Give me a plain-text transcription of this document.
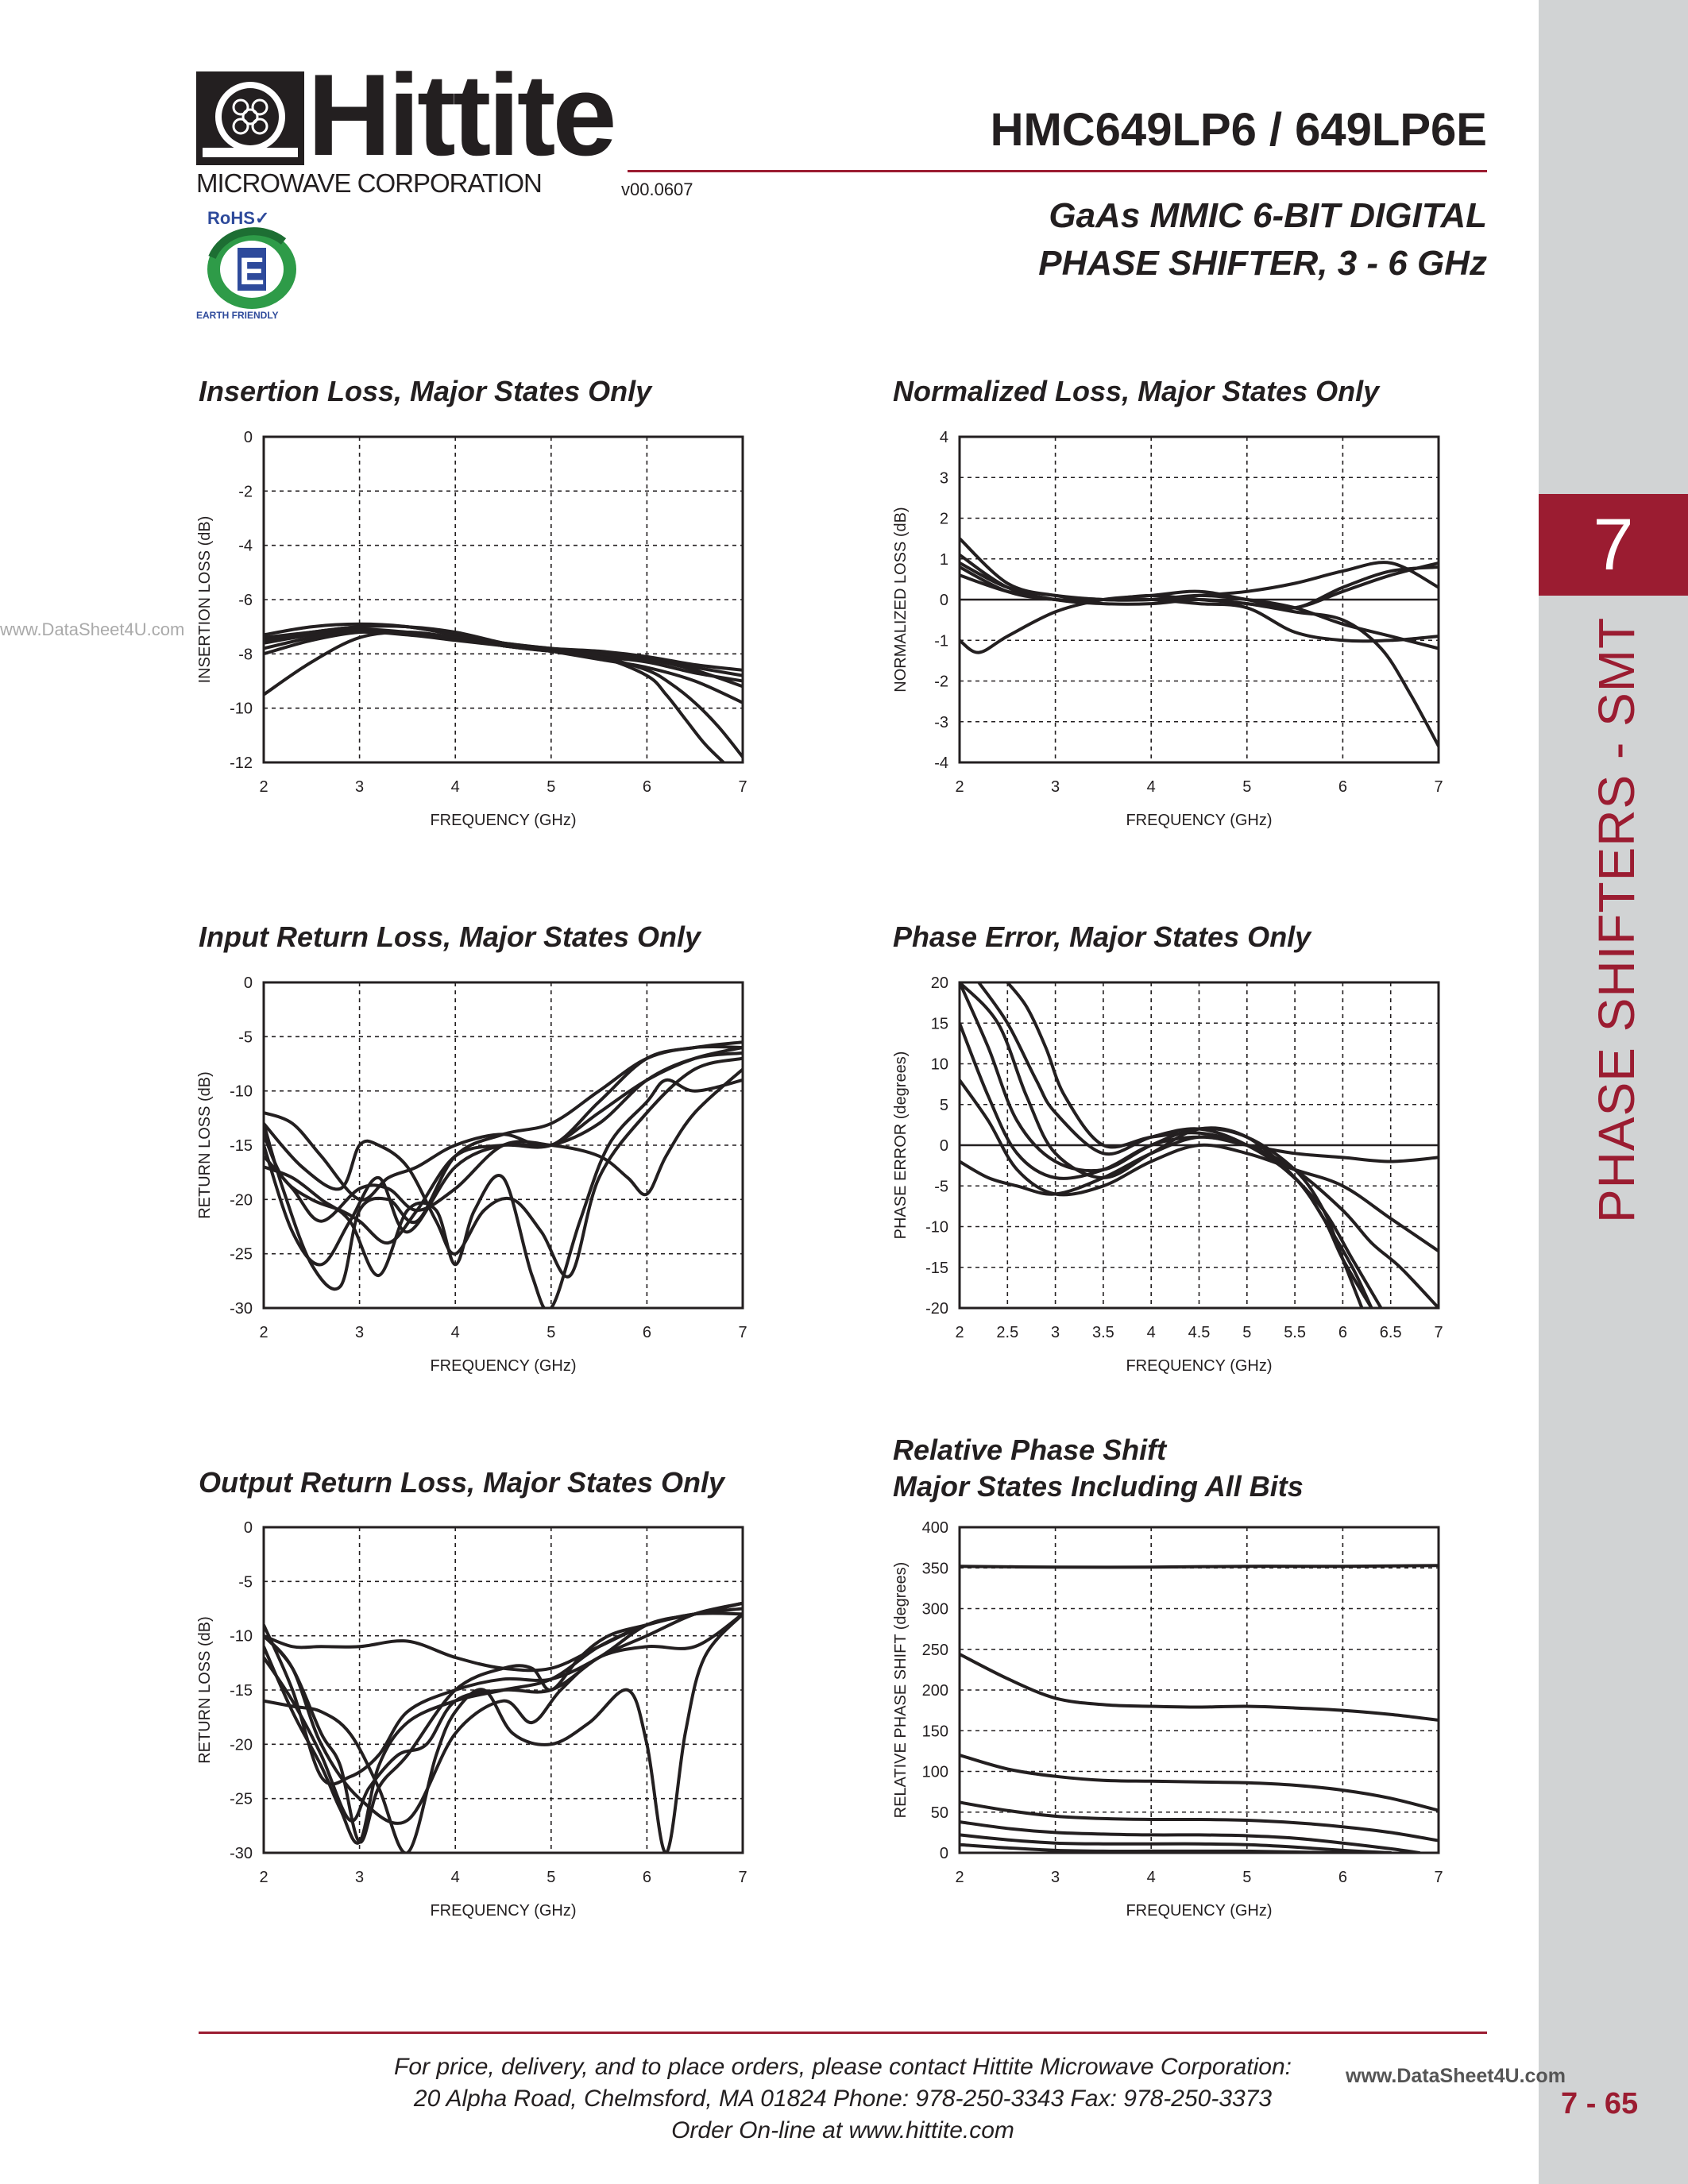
7
PHASE SHIFTERS - SMT
7 - 65
Hittite
MICROWAVE CORPORATION	v00.0607
RoHS✓
E
EARTH FRIENDLY
HMC649LP6 / 649LP6E
GaAs MMIC 6-BIT DIGITAL
PHASE SHIFTER, 3 - 6 GHz
www.DataSheet4U.com
Insertion Loss, Major States Only	Normalized Loss, Major States Only
Input Return Loss, Major States Only	Phase Error, Major States Only
Output Return Loss, Major States Only
Relative Phase Shift
Major States Including All Bits
2	3	4	5	6	7
0
-2
-4
-6
-8
-10
-12
FREQUENCY (GHz)
INSERTION LOSS (dB)
2	3	4	5	6	7
4
3
2
1
0
-1
-2
-3
-4
FREQUENCY (GHz)
NORMALIZED LOSS (dB)
2	3	4	5	6	7
0
-5
-10
-15
-20
-25
-30
FREQUENCY (GHz)
RETURN LOSS (dB)
2 2.5 3 3.5 4 4.5 5 5.5 6 6.5 7
20
15
10
5
0
-5
-10
-15
-20
FREQUENCY (GHz)
PHASE ERROR (degrees)
2	3	4	5	6	7
0
-5
-10
-15
-20
-25
-30
FREQUENCY (GHz)
RETURN LOSS (dB)
2	3	4	5	6	7
400
350
300
250
200
150
100
50
0
FREQUENCY (GHz)
RELATIVE PHASE SHIFT (degrees)
For price, delivery, and to place orders, please contact Hittite Microwave Corporation:
20 Alpha Road, Chelmsford, MA 01824 Phone: 978-250-3343 Fax: 978-250-3373
Order On-line at www.hittite.com
www.DataSheet4U.com
